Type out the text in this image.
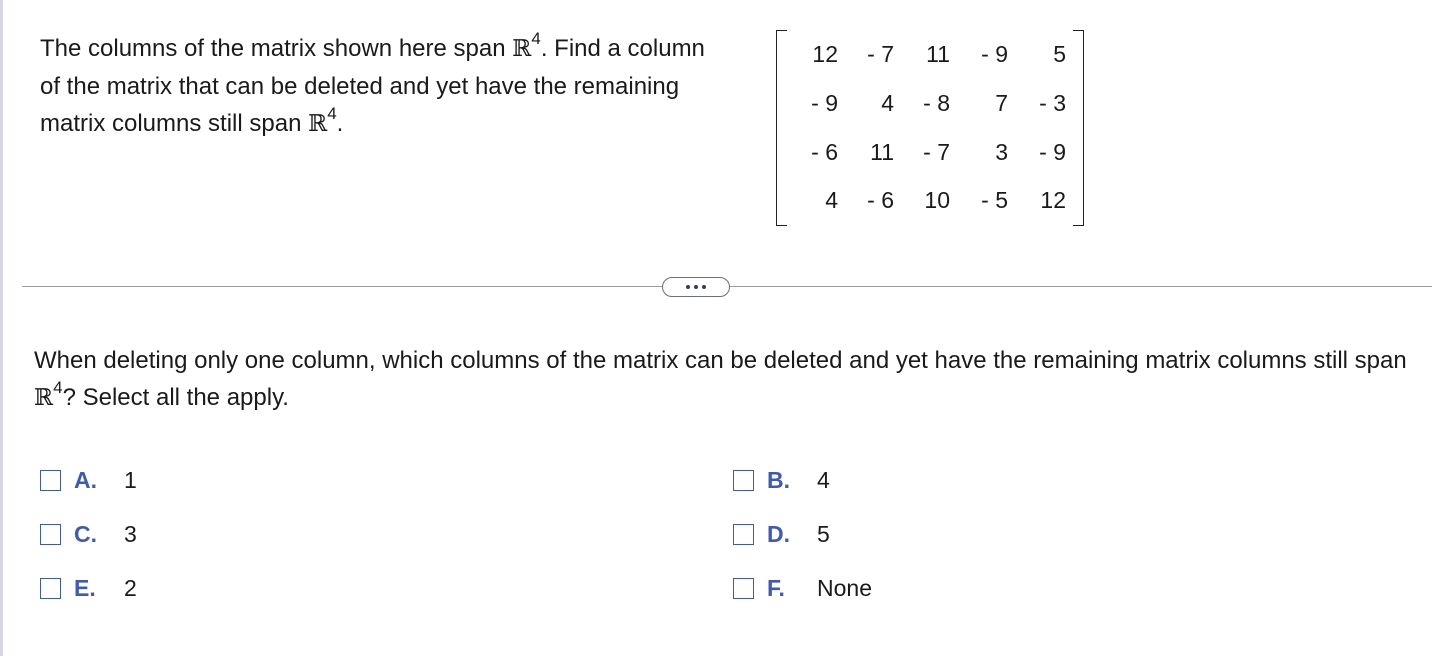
The columns of the matrix shown here span ℝ$^4$. Find a column of the matrix that can be deleted and yet have the remaining matrix columns still span ℝ$^4$.
12	- 7	11	- 9	5
- 9	4	- 8	7	- 3
- 6	11	- 7	3	- 9
4	- 6	10	- 5	12
When deleting only one column, which columns of the matrix can be deleted and yet have the remaining matrix columns still span ℝ$^4$? Select all the apply.
A.	1	B.	4
C.	3	D.	5
E.	2	F.	None
